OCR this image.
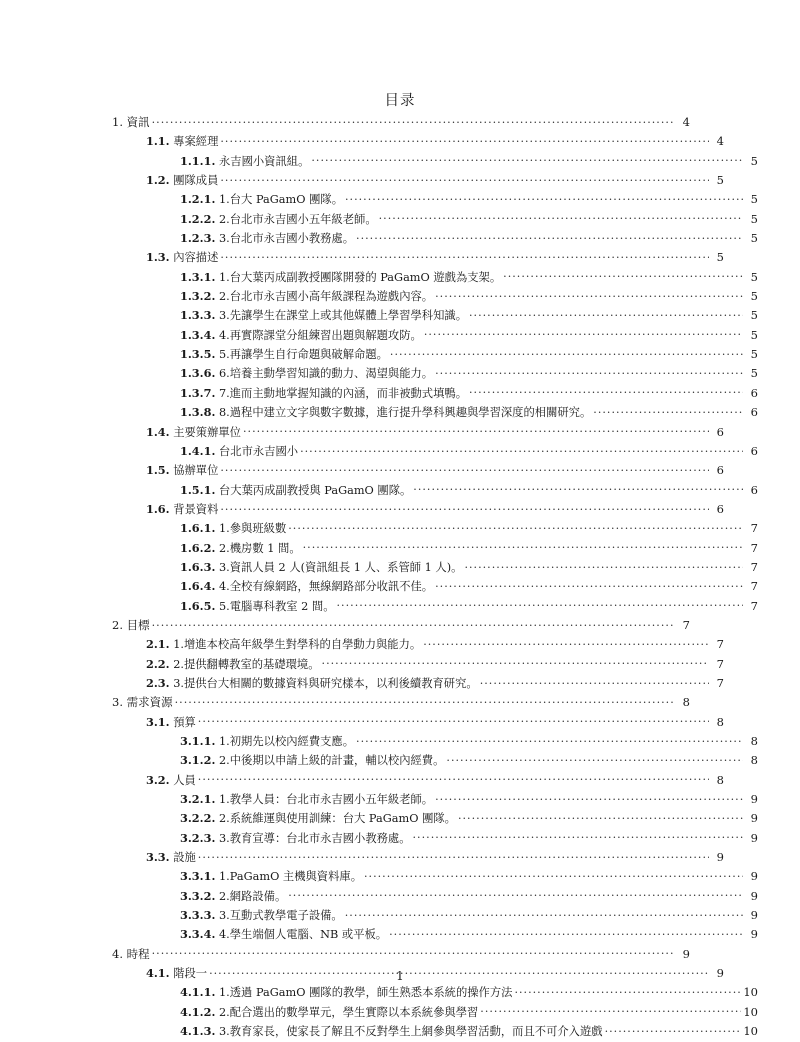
目录
1. 資訊 .....	4
1.1. 專案經理 .....	4
1.1.1. 永吉國小資訊組。 .....	5
1.2. 團隊成員 .....	5
1.2.1. 1.台大 PaGamO 團隊。 .....	5
1.2.2. 2.台北市永吉國小五年級老師。 .....	5
1.2.3. 3.台北市永吉國小教務處。 .....	5
1.3. 內容描述 .....	5
1.3.1. 1.台大葉丙成副教授團隊開發的 PaGamO 遊戲為支架。 .....	5
1.3.2. 2.台北市永吉國小高年級課程為遊戲內容。 .....	5
1.3.3. 3.先讓學生在課堂上或其他媒體上學習學科知識。 .....	5
1.3.4. 4.再實際課堂分組練習出題與解題攻防。 .....	5
1.3.5. 5.再讓學生自行命題與破解命題。 .....	5
1.3.6. 6.培養主動學習知識的動力、渴望與能力。 .....	5
1.3.7. 7.進而主動地掌握知識的內涵，而非被動式填鴨。 .....	6
1.3.8. 8.過程中建立文字與數字數據，進行提升學科興趣與學習深度的相關研究。 .....	6
1.4. 主要策辦單位 .....	6
1.4.1. 台北市永吉國小 .....	6
1.5. 協辦單位 .....	6
1.5.1. 台大葉丙成副教授與 PaGamO 團隊。 .....	6
1.6. 背景資料 .....	6
1.6.1. 1.參與班級數 .....	7
1.6.2. 2.機房數 1 間。 .....	7
1.6.3. 3.資訊人員 2 人(資訊組長 1 人、系管師 1 人)。 .....	7
1.6.4. 4.全校有線網路，無線網路部分收訊不佳。 .....	7
1.6.5. 5.電腦專科教室 2 間。 .....	7
2. 目標 .....	7
2.1. 1.增進本校高年級學生對學科的自學動力與能力。 .....	7
2.2. 2.提供翻轉教室的基礎環境。 .....	7
2.3. 3.提供台大相關的數據資料與研究樣本，以利後續教育研究。 .....	7
3. 需求資源 .....	8
3.1. 預算 .....	8
3.1.1. 1.初期先以校內經費支應。 .....	8
3.1.2. 2.中後期以申請上級的計畫，輔以校內經費。 .....	8
3.2. 人員 .....	8
3.2.1. 1.教學人員：台北市永吉國小五年級老師。 .....	9
3.2.2. 2.系統維運與使用訓練：台大 PaGamO 團隊。 .....	9
3.2.3. 3.教育宣導：台北市永吉國小教務處。 .....	9
3.3. 設施 .....	9
3.3.1. 1.PaGamO 主機與資料庫。 .....	9
3.3.2. 2.網路設備。 .....	9
3.3.3. 3.互動式教學電子設備。 .....	9
3.3.4. 4.學生端個人電腦、NB 或平板。 .....	9
4. 時程 .....	9
4.1. 階段一 .....	9
4.1.1. 1.透過 PaGamO 團隊的教學，師生熟悉本系統的操作方法 .....	10
4.1.2. 2.配合選出的數學單元，學生實際以本系統參與學習 .....	10
4.1.3. 3.教育家長，使家長了解且不反對學生上網參與學習活動，而且不可介入遊戲 .....	10
1
